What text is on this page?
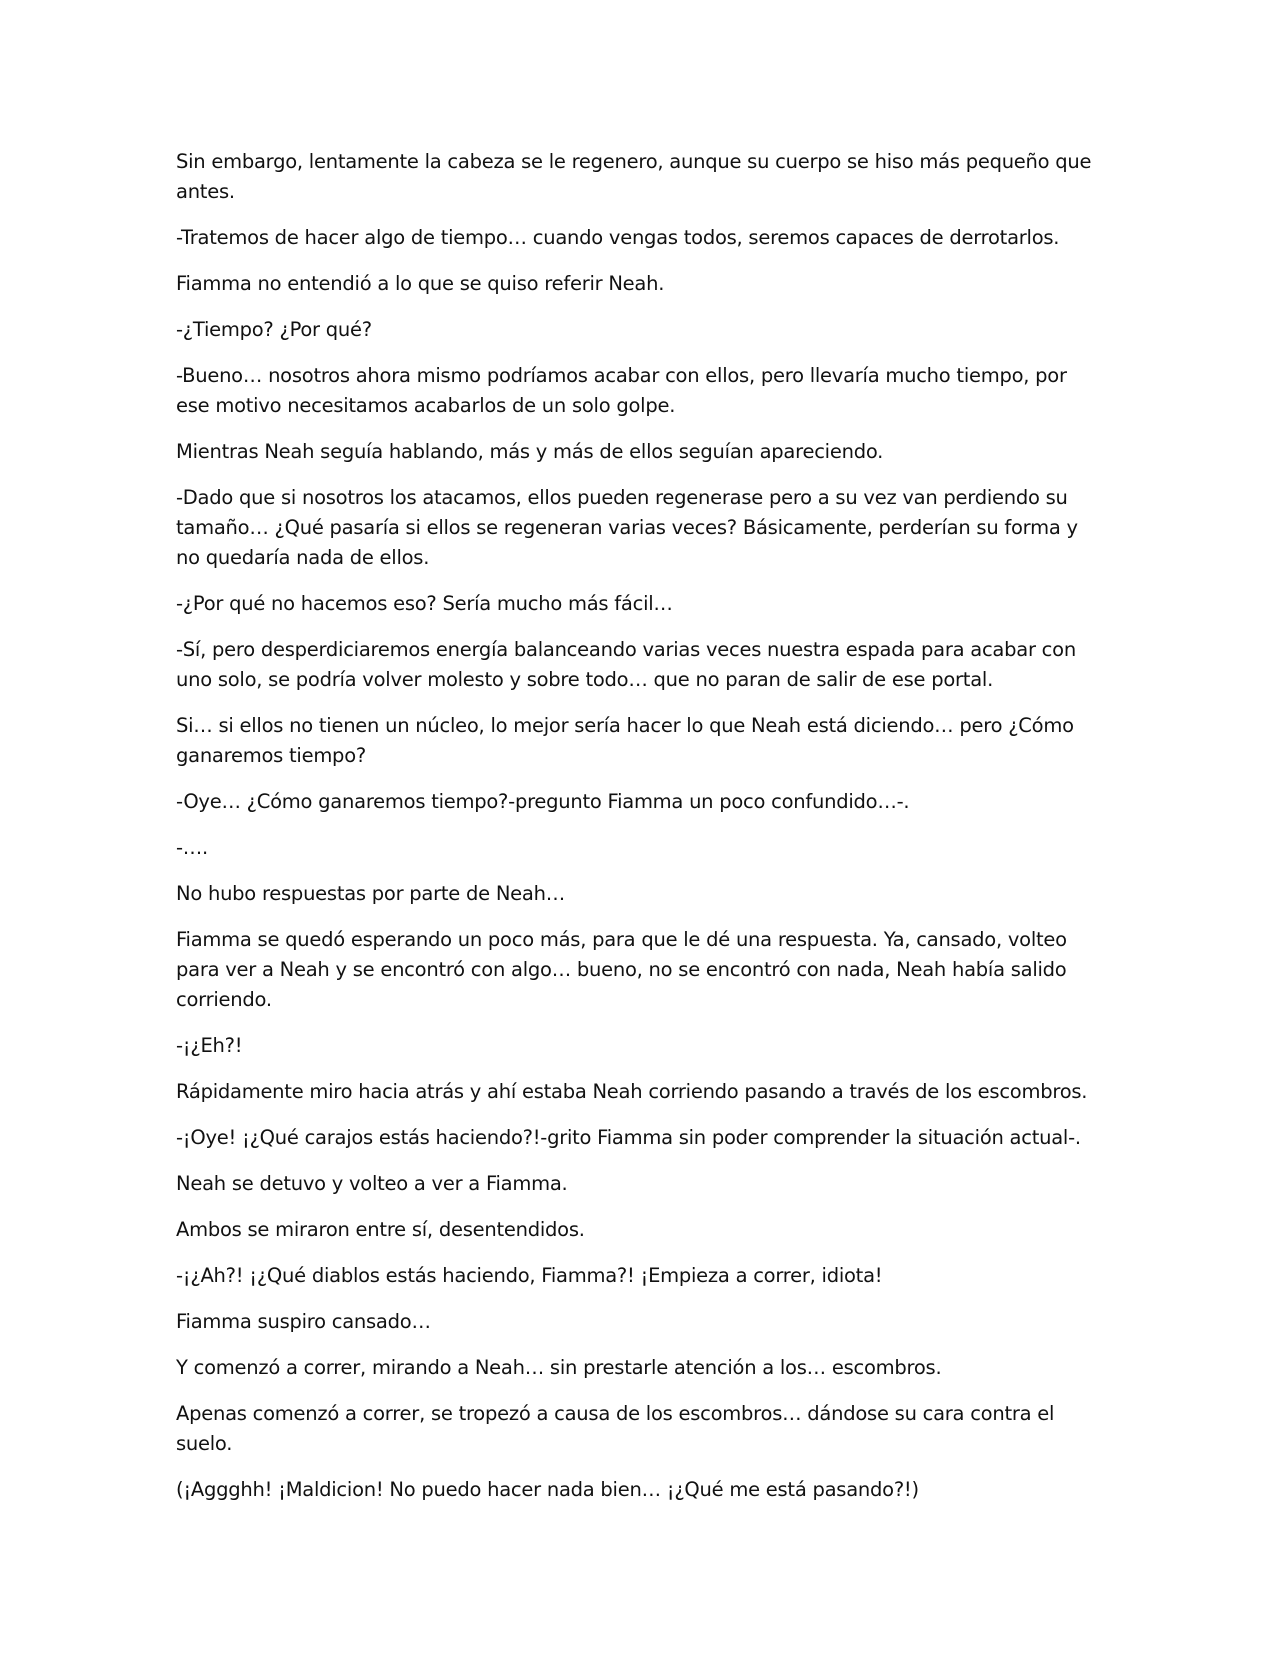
Sin embargo, lentamente la cabeza se le regenero, aunque su cuerpo se hiso más pequeño que antes.

-Tratemos de hacer algo de tiempo… cuando vengas todos, seremos capaces de derrotarlos.

Fiamma no entendió a lo que se quiso referir Neah.

-¿Tiempo? ¿Por qué?

-Bueno… nosotros ahora mismo podríamos acabar con ellos, pero llevaría mucho tiempo, por ese motivo necesitamos acabarlos de un solo golpe.

Mientras Neah seguía hablando, más y más de ellos seguían apareciendo.

-Dado que si nosotros los atacamos, ellos pueden regenerase pero a su vez van perdiendo su tamaño… ¿Qué pasaría si ellos se regeneran varias veces? Básicamente, perderían su forma y no quedaría nada de ellos.

-¿Por qué no hacemos eso? Sería mucho más fácil…

-Sí, pero desperdiciaremos energía balanceando varias veces nuestra espada para acabar con uno solo, se podría volver molesto y sobre todo… que no paran de salir de ese portal.

Si… si ellos no tienen un núcleo, lo mejor sería hacer lo que Neah está diciendo… pero ¿Cómo ganaremos tiempo?

-Oye… ¿Cómo ganaremos tiempo?-pregunto Fiamma un poco confundido…-.

-….

No hubo respuestas por parte de Neah…

Fiamma se quedó esperando un poco más, para que le dé una respuesta. Ya, cansado, volteo para ver a Neah y se encontró con algo… bueno, no se encontró con nada, Neah había salido corriendo.

-¡¿Eh?!

Rápidamente miro hacia atrás y ahí estaba Neah corriendo pasando a través de los escombros.

-¡Oye! ¡¿Qué carajos estás haciendo?!-grito Fiamma sin poder comprender la situación actual-.

Neah se detuvo y volteo a ver a Fiamma.

Ambos se miraron entre sí, desentendidos.

-¡¿Ah?! ¡¿Qué diablos estás haciendo, Fiamma?! ¡Empieza a correr, idiota!

Fiamma suspiro cansado…

Y comenzó a correr, mirando a Neah… sin prestarle atención a los… escombros.

Apenas comenzó a correr, se tropezó a causa de los escombros… dándose su cara contra el suelo.

(¡Aggghh! ¡Maldicion! No puedo hacer nada bien… ¡¿Qué me está pasando?!)
